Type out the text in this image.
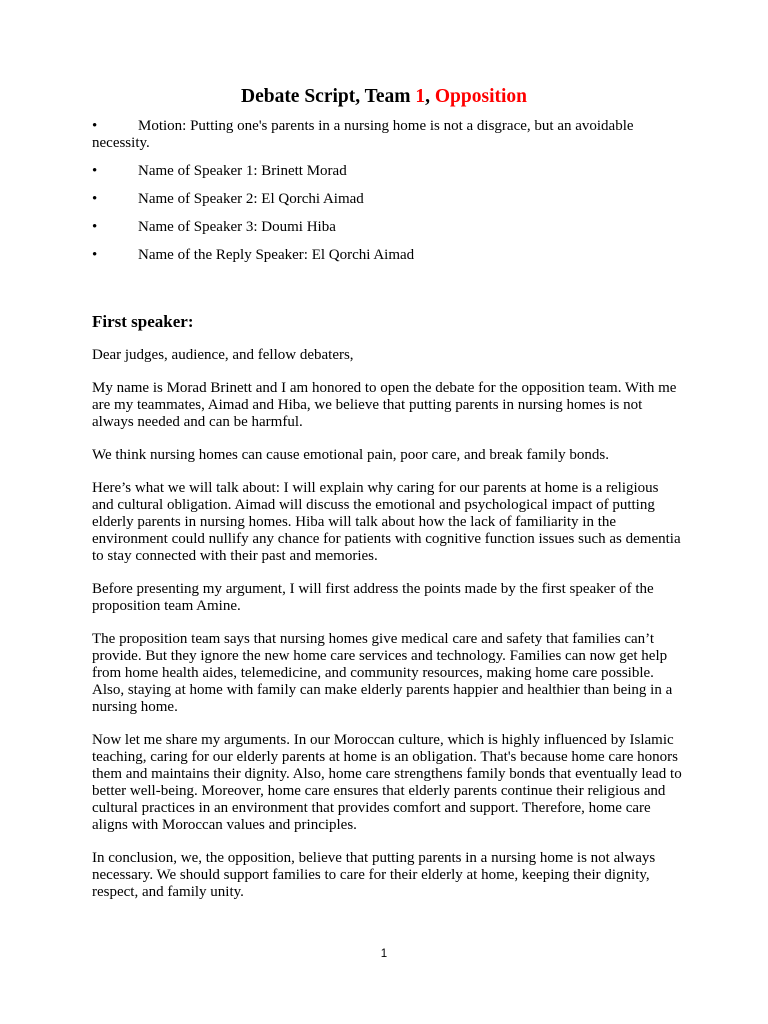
Debate Script, Team 1, Opposition
•	Motion: Putting one's parents in a nursing home is not a disgrace, but an avoidable necessity.
•	Name of Speaker 1: Brinett Morad
•	Name of Speaker 2: El Qorchi Aimad
•	Name of Speaker 3: Doumi Hiba
•	Name of the Reply Speaker: El Qorchi Aimad
First speaker:

Dear judges, audience, and fellow debaters,

My name is Morad Brinett and I am honored to open the debate for the opposition team. With me are my teammates, Aimad and Hiba, we believe that putting parents in nursing homes is not always needed and can be harmful.

We think nursing homes can cause emotional pain, poor care, and break family bonds.

Here’s what we will talk about: I will explain why caring for our parents at home is a religious and cultural obligation. Aimad will discuss the emotional and psychological impact of putting elderly parents in nursing homes. Hiba will talk about how the lack of familiarity in the environment could nullify any chance for patients with cognitive function issues such as dementia to stay connected with their past and memories.

Before presenting my argument, I will first address the points made by the first speaker of the proposition team Amine.

The proposition team says that nursing homes give medical care and safety that families can’t provide. But they ignore the new home care services and technology. Families can now get help from home health aides, telemedicine, and community resources, making home care possible. Also, staying at home with family can make elderly parents happier and healthier than being in a nursing home.

Now let me share my arguments. In our Moroccan culture, which is highly influenced by Islamic teaching, caring for our elderly parents at home is an obligation. That's because home care honors them and maintains their dignity. Also, home care strengthens family bonds that eventually lead to better well-being. Moreover, home care ensures that elderly parents continue their religious and cultural practices in an environment that provides comfort and support. Therefore, home care aligns with Moroccan values and principles.

In conclusion, we, the opposition, believe that putting parents in a nursing home is not always necessary. We should support families to care for their elderly at home, keeping their dignity, respect, and family unity.

1
